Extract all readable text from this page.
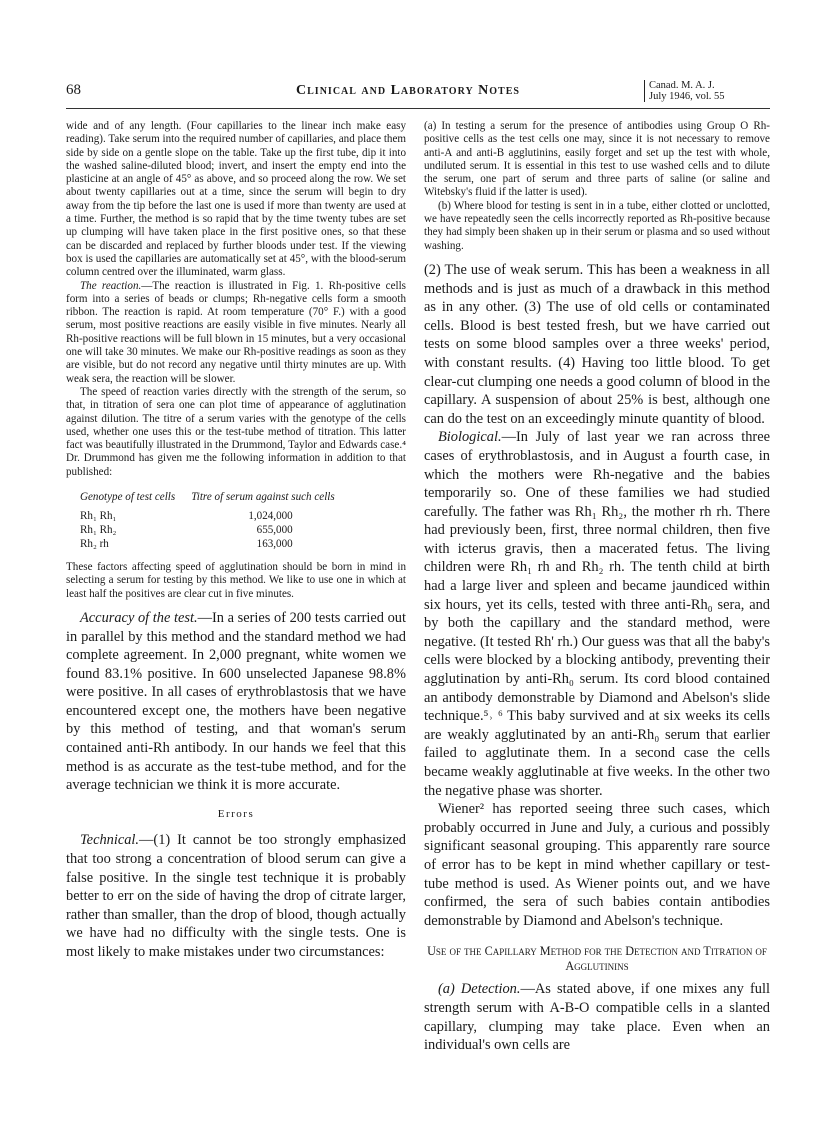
68	Clinical and Laboratory Notes	Canad. M. A. J.
July 1946, vol. 55

wide and of any length. (Four capillaries to the linear inch make easy reading). Take serum into the required number of capillaries, and place them side by side on a gentle slope on the table. Take up the first tube, dip it into the washed saline-diluted blood; invert, and insert the empty end into the plasticine at an angle of 45° as above, and so proceed along the row. We set about twenty capillaries out at a time, since the serum will begin to dry away from the tip before the last one is used if more than twenty are used at a time. Further, the method is so rapid that by the time twenty tubes are set up clumping will have taken place in the first positive ones, so that these can be discarded and replaced by further bloods under test. If the viewing box is used the capillaries are automatically set at 45°, with the blood-serum column centred over the illuminated, warm glass.

The reaction.—The reaction is illustrated in Fig. 1. Rh-positive cells form into a series of beads or clumps; Rh-negative cells form a smooth ribbon. The reaction is rapid. At room temperature (70° F.) with a good serum, most positive reactions are easily visible in five minutes. Nearly all Rh-positive reactions will be full blown in 15 minutes, but a very occasional one will take 30 minutes. We make our Rh-positive readings as soon as they are visible, but do not record any negative until thirty minutes are up. With weak sera, the reaction will be slower.

The speed of reaction varies directly with the strength of the serum, so that, in titration of sera one can plot time of appearance of agglutination against dilution. The titre of a serum varies with the genotype of the cells used, whether one uses this or the test-tube method of titration. This latter fact was beautifully illustrated in the Drummond, Taylor and Edwards case.⁴ Dr. Drummond has given me the following information in addition to that published:

Genotype of test cells	Titre of serum against such cells
Rh₁ Rh₁	1,024,000
Rh₁ Rh₂	655,000
Rh₂ rh	163,000

These factors affecting speed of agglutination should be born in mind in selecting a serum for testing by this method. We like to use one in which at least half the positives are clear cut in five minutes.

Accuracy of the test.—In a series of 200 tests carried out in parallel by this method and the standard method we had complete agreement. In 2,000 pregnant, white women we found 83.1% positive. In 600 unselected Japanese 98.8% were positive. In all cases of erythroblastosis that we have encountered except one, the mothers have been negative by this method of testing, and that woman's serum contained anti-Rh antibody. In our hands we feel that this method is as accurate as the test-tube method, and for the average technician we think it is more accurate.

Errors

Technical.—(1) It cannot be too strongly emphasized that too strong a concentration of blood serum can give a false positive. In the single test technique it is probably better to err on the side of having the drop of citrate larger, rather than smaller, than the drop of blood, though actually we have had no difficulty with the single tests. One is most likely to make mistakes under two circumstances:

(a) In testing a serum for the presence of antibodies using Group O Rh-positive cells as the test cells one may, since it is not necessary to remove anti-A and anti-B agglutinins, easily forget and set up the test with whole, undiluted serum. It is essential in this test to use washed cells and to dilute the serum, one part of serum and three parts of saline (or saline and Witebsky's fluid if the latter is used).

(b) Where blood for testing is sent in in a tube, either clotted or unclotted, we have repeatedly seen the cells incorrectly reported as Rh-positive because they had simply been shaken up in their serum or plasma and so used without washing.

(2) The use of weak serum. This has been a weakness in all methods and is just as much of a drawback in this method as in any other. (3) The use of old cells or contaminated cells. Blood is best tested fresh, but we have carried out tests on some blood samples over a three weeks' period, with constant results. (4) Having too little blood. To get clear-cut clumping one needs a good column of blood in the capillary. A suspension of about 25% is best, although one can do the test on an exceedingly minute quantity of blood.

Biological.—In July of last year we ran across three cases of erythroblastosis, and in August a fourth case, in which the mothers were Rh-negative and the babies temporarily so. One of these families we had studied carefully. The father was Rh₁ Rh₂, the mother rh rh. There had previously been, first, three normal children, then five with icterus gravis, then a macerated fetus. The living children were Rh₁ rh and Rh₂ rh. The tenth child at birth had a large liver and spleen and became jaundiced within six hours, yet its cells, tested with three anti-Rh₀ sera, and by both the capillary and the standard method, were negative. (It tested Rh' rh.) Our guess was that all the baby's cells were blocked by a blocking antibody, preventing their agglutination by anti-Rh₀ serum. Its cord blood contained an antibody demonstrable by Diamond and Abelson's slide technique.⁵˒ ⁶ This baby survived and at six weeks its cells are weakly agglutinated by an anti-Rh₀ serum that earlier failed to agglutinate them. In a second case the cells became weakly agglutinable at five weeks. In the other two the negative phase was shorter.

Wiener² has reported seeing three such cases, which probably occurred in June and July, a curious and possibly significant seasonal grouping. This apparently rare source of error has to be kept in mind whether capillary or test-tube method is used. As Wiener points out, and we have confirmed, the sera of such babies contain antibodies demonstrable by Diamond and Abelson's technique.

Use of the Capillary Method for the Detection and Titration of Agglutinins

(a) Detection.—As stated above, if one mixes any full strength serum with A-B-O compatible cells in a slanted capillary, clumping may take place. Even when an individual's own cells are
